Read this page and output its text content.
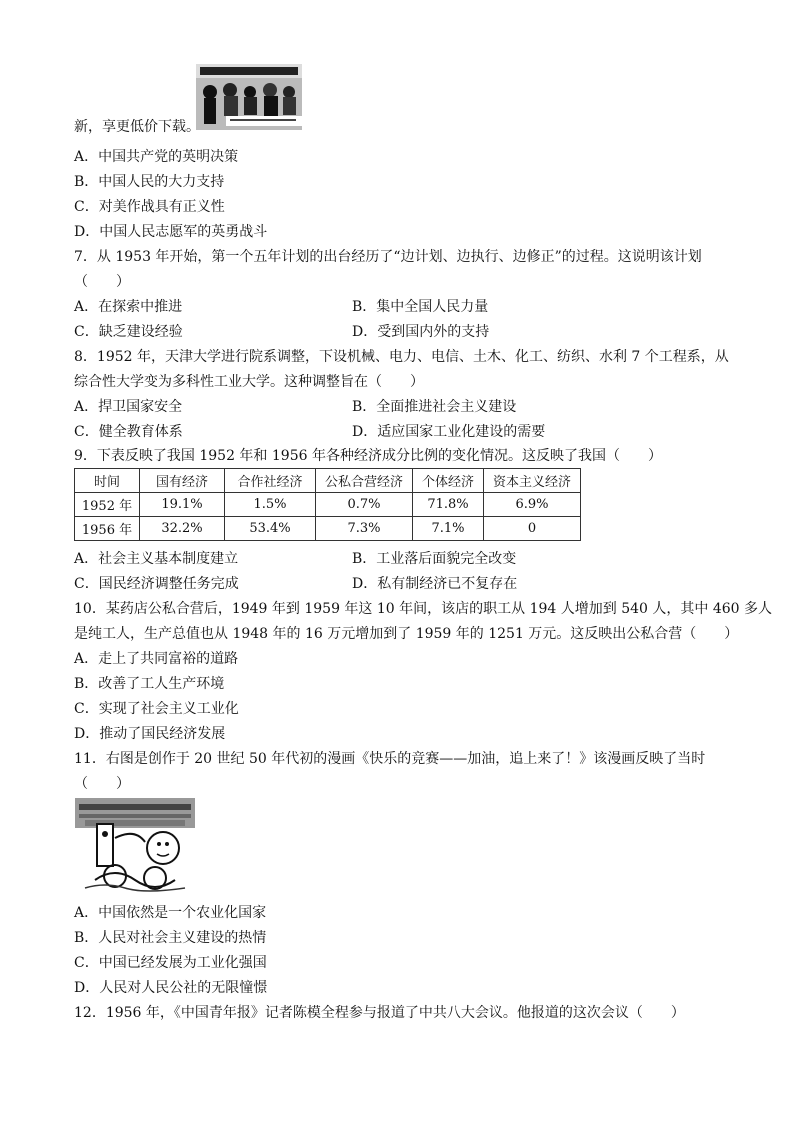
新，享更低价下载。
A．中国共产党的英明决策
B．中国人民的大力支持
C．对美作战具有正义性
D．中国人民志愿军的英勇战斗
7．从 1953 年开始，第一个五年计划的出台经历了“边计划、边执行、边修正”的过程。这说明该计划
（　　）
A．在探索中推进	B．集中全国人民力量
C．缺乏建设经验	D．受到国内外的支持
8．1952 年，天津大学进行院系调整，下设机械、电力、电信、土木、化工、纺织、水利 7 个工程系，从
综合性大学变为多科性工业大学。这种调整旨在（　　）
A．捍卫国家安全	B．全面推进社会主义建设
C．健全教育体系	D．适应国家工业化建设的需要
9．下表反映了我国 1952 年和 1956 年各种经济成分比例的变化情况。这反映了我国（　　）
时间	国有经济	合作社经济	公私合营经济	个体经济	资本主义经济
1952 年	19.1%	1.5%	0.7%	71.8%	6.9%
1956 年	32.2%	53.4%	7.3%	7.1%	0
A．社会主义基本制度建立	B．工业落后面貌完全改变
C．国民经济调整任务完成	D．私有制经济已不复存在
10．某药店公私合营后，1949 年到 1959 年这 10 年间，该店的职工从 194 人增加到 540 人，其中 460 多人
是纯工人，生产总值也从 1948 年的 16 万元增加到了 1959 年的 1251 万元。这反映出公私合营（　　）
A．走上了共同富裕的道路
B．改善了工人生产环境
C．实现了社会主义工业化
D．推动了国民经济发展
11．右图是创作于 20 世纪 50 年代初的漫画《快乐的竞赛——加油，追上来了！》该漫画反映了当时
（　　）
A．中国依然是一个农业化国家
B．人民对社会主义建设的热情
C．中国已经发展为工业化强国
D．人民对人民公社的无限憧憬
12．1956 年，《中国青年报》记者陈模全程参与报道了中共八大会议。他报道的这次会议（　　）
